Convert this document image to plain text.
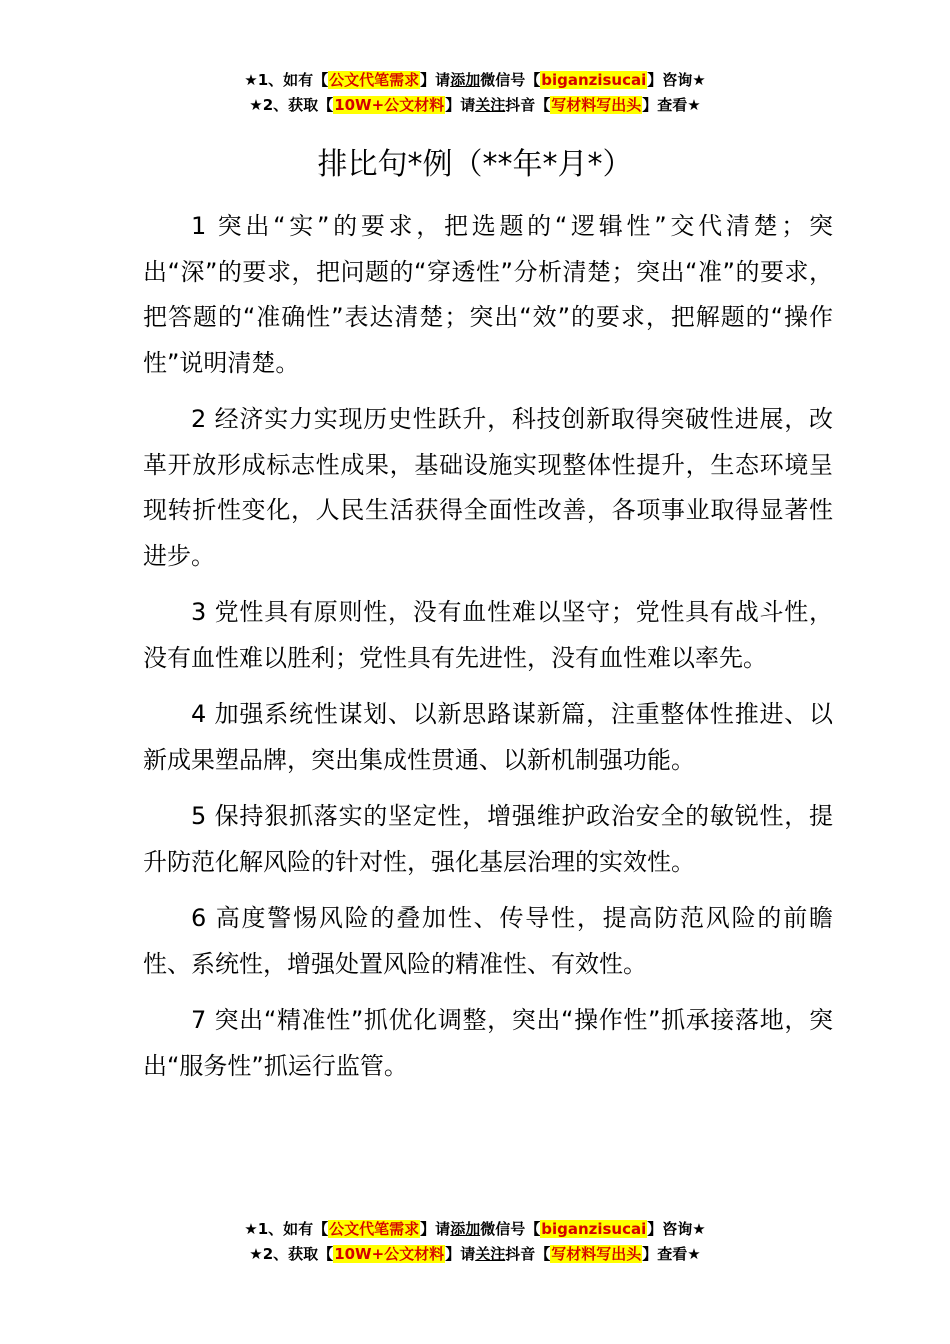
★1、如有【公文代笔需求】请添加微信号【biganzisucai】咨询★
★2、获取【10W+公文材料】请关注抖音【写材料写出头】查看★
排比句*例（**年*月*）

1 突出“实”的要求，把选题的“逻辑性”交代清楚；突出“深”的要求，把问题的“穿透性”分析清楚；突出“准”的要求，把答题的“准确性”表达清楚；突出“效”的要求，把解题的“操作性”说明清楚。

2 经济实力实现历史性跃升，科技创新取得突破性进展，改革开放形成标志性成果，基础设施实现整体性提升，生态环境呈现转折性变化，人民生活获得全面性改善，各项事业取得显著性进步。

3 党性具有原则性，没有血性难以坚守；党性具有战斗性，没有血性难以胜利；党性具有先进性，没有血性难以率先。

4 加强系统性谋划、以新思路谋新篇，注重整体性推进、以新成果塑品牌，突出集成性贯通、以新机制强功能。

5 保持狠抓落实的坚定性，增强维护政治安全的敏锐性，提升防范化解风险的针对性，强化基层治理的实效性。

6 高度警惕风险的叠加性、传导性，提高防范风险的前瞻性、系统性，增强处置风险的精准性、有效性。

7 突出“精准性”抓优化调整，突出“操作性”抓承接落地，突出“服务性”抓运行监管。

★1、如有【公文代笔需求】请添加微信号【biganzisucai】咨询★
★2、获取【10W+公文材料】请关注抖音【写材料写出头】查看★
